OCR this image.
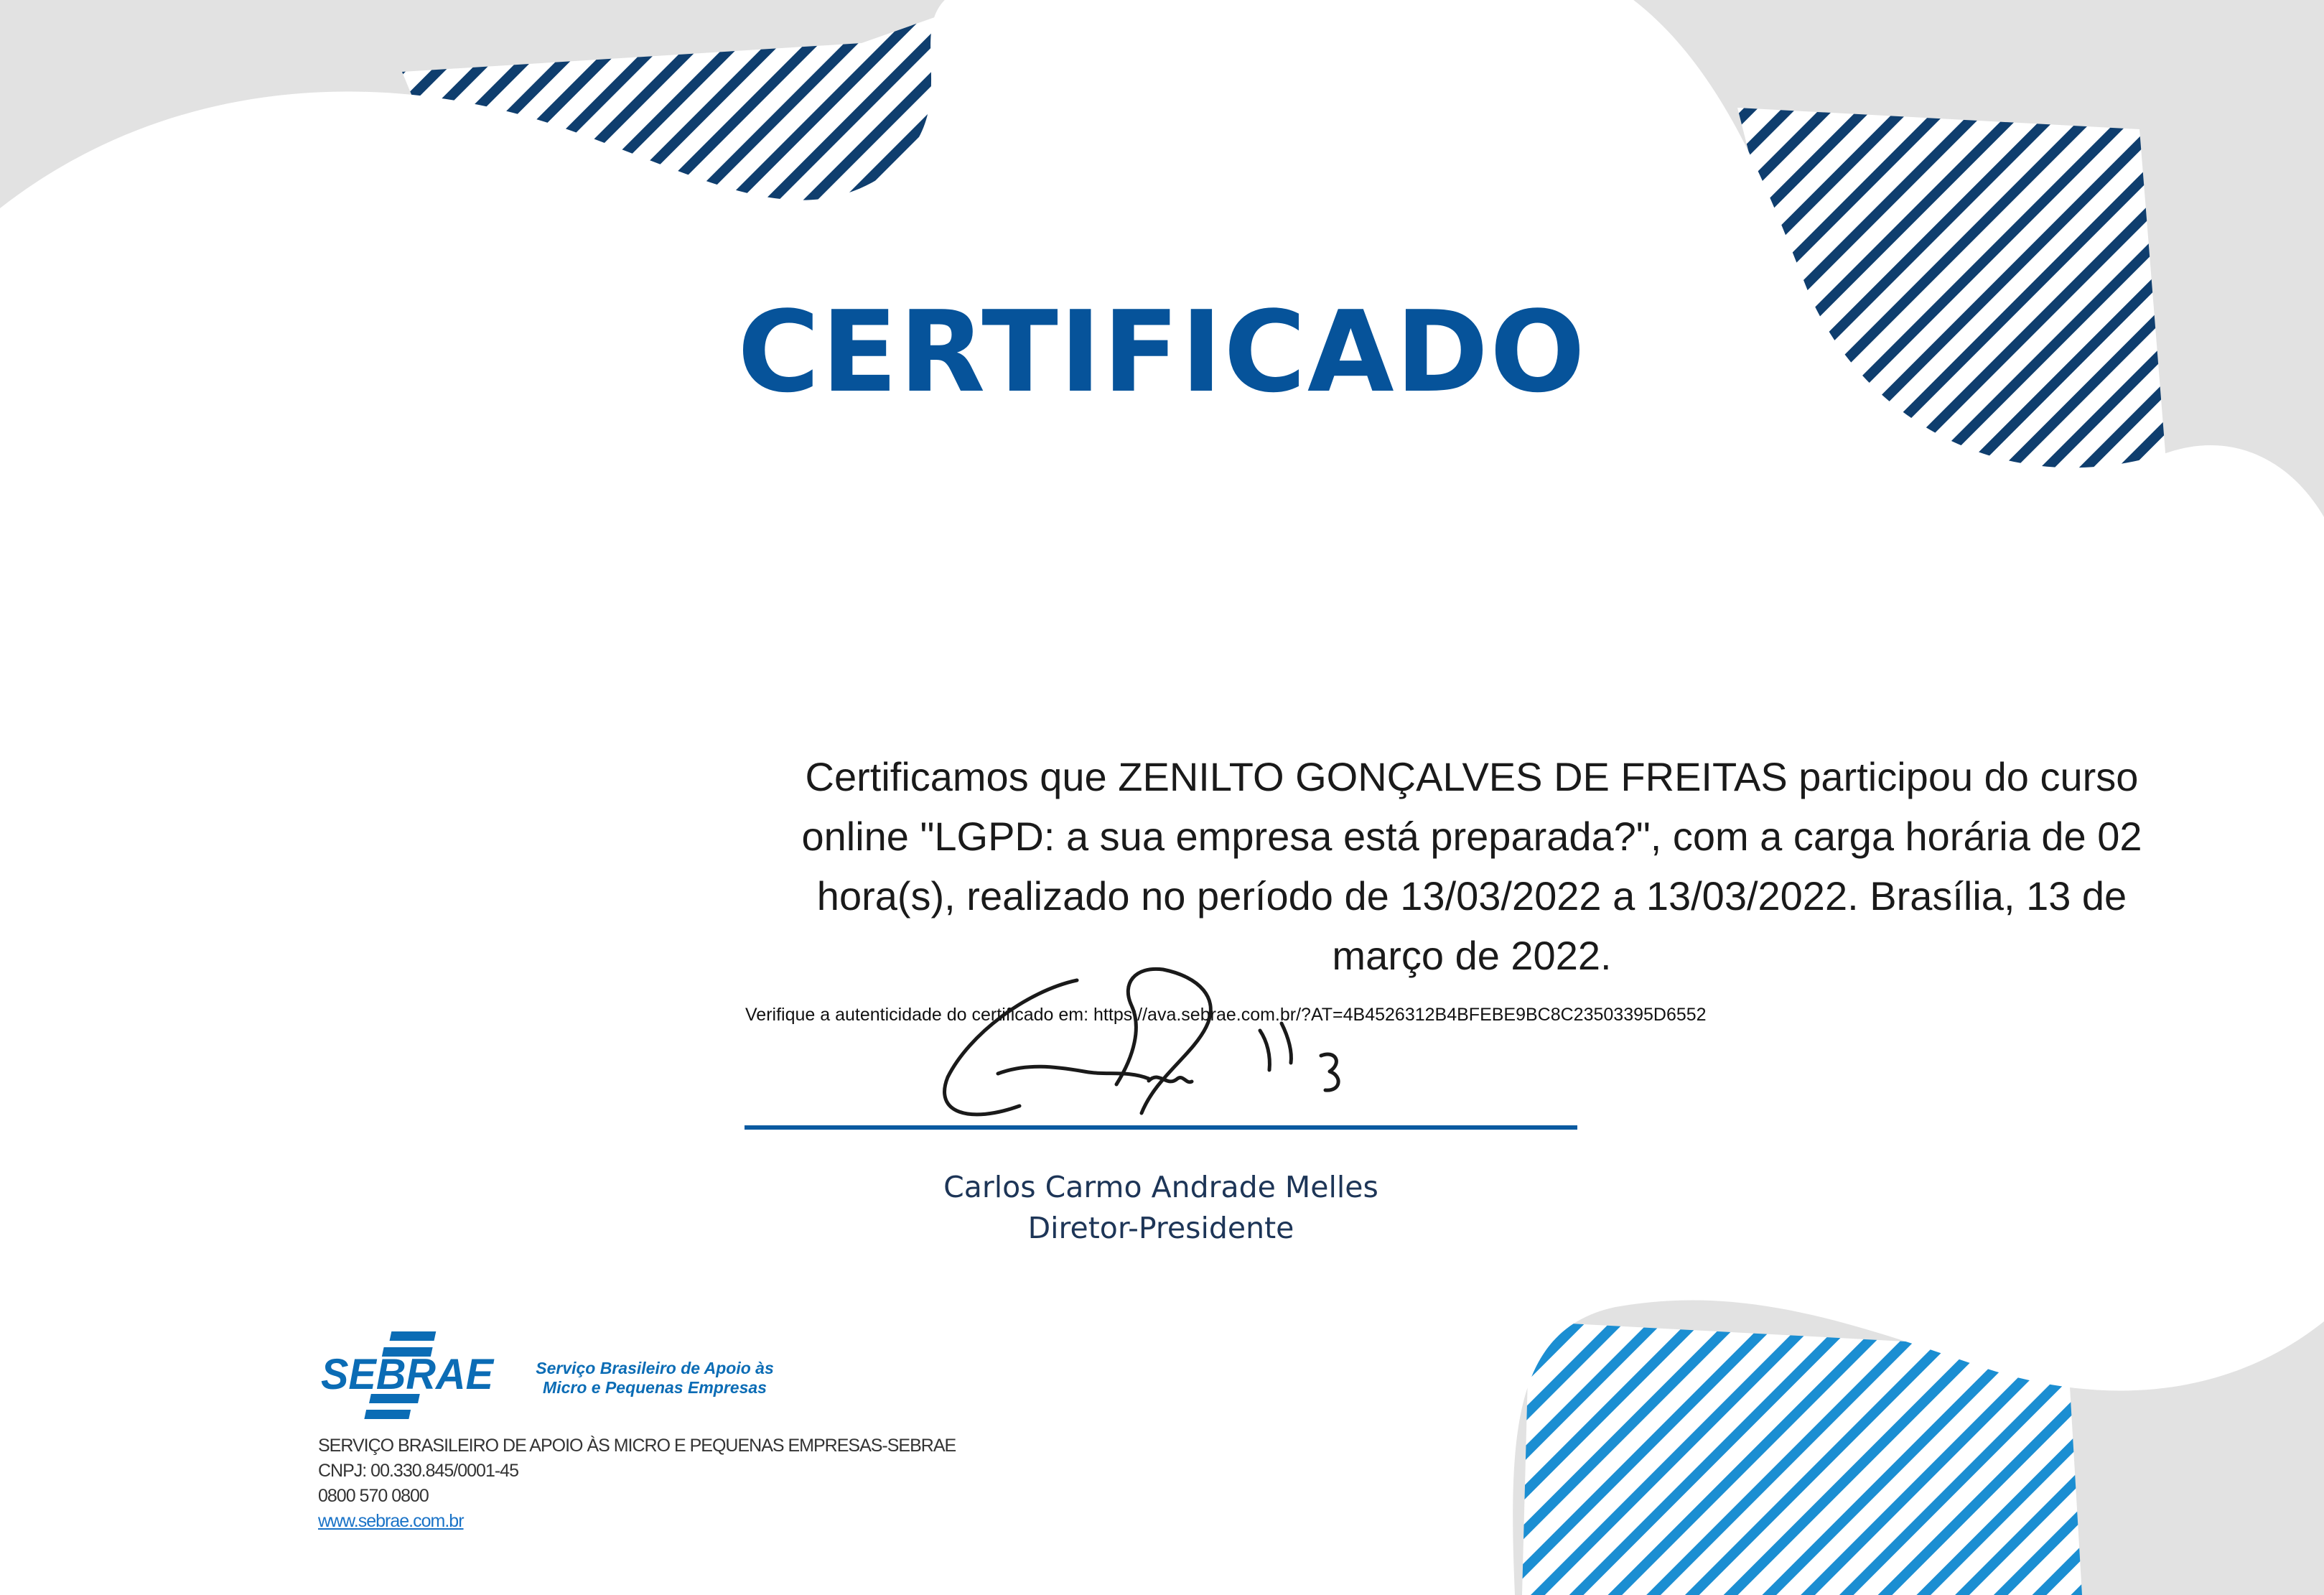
CERTIFICADO

Certificamos que ZENILTO GONÇALVES DE FREITAS participou do curso online "LGPD: a sua empresa está preparada?", com a carga horária de 02 hora(s), realizado no período de 13/03/2022 a 13/03/2022. Brasília, 13 de março de 2022.

Verifique a autenticidade do certificado em: https://ava.sebrae.com.br/?AT=4B4526312B4BFEBE9BC8C23503395D6552

Carlos Carmo Andrade Melles

Diretor-Presidente

SEBRAE	Serviço Brasileiro de Apoio às
Micro e Pequenas Empresas

SERVIÇO BRASILEIRO DE APOIO ÀS MICRO E PEQUENAS EMPRESAS-SEBRAE
CNPJ: 00.330.845/0001-45
0800 570 0800
www.sebrae.com.br
